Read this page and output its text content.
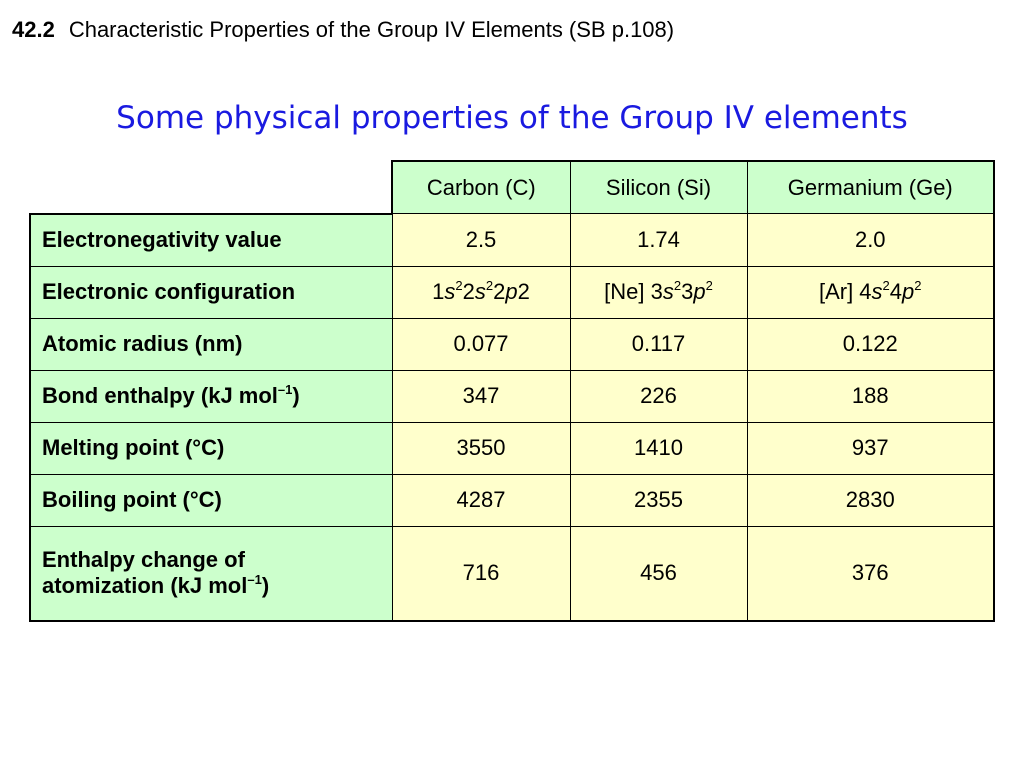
42.2 Characteristic Properties of the Group IV Elements (SB p.108)
Some physical properties of the Group IV elements
	Carbon (C)	Silicon (Si)	Germanium (Ge)
Electronegativity value	2.5	1.74	2.0
Electronic configuration	$1s^22s^22p2$	[Ne] $3s^23p^2$	[Ar] $4s^24p^2$
Atomic radius (nm)	0.077	0.117	0.122
Bond enthalpy (kJ mol$^{-1}$)	347	226	188
Melting point (°C)	3550	1410	937
Boiling point (°C)	4287	2355	2830
Enthalpy change of
atomization (kJ mol$^{-1}$)	716	456	376
